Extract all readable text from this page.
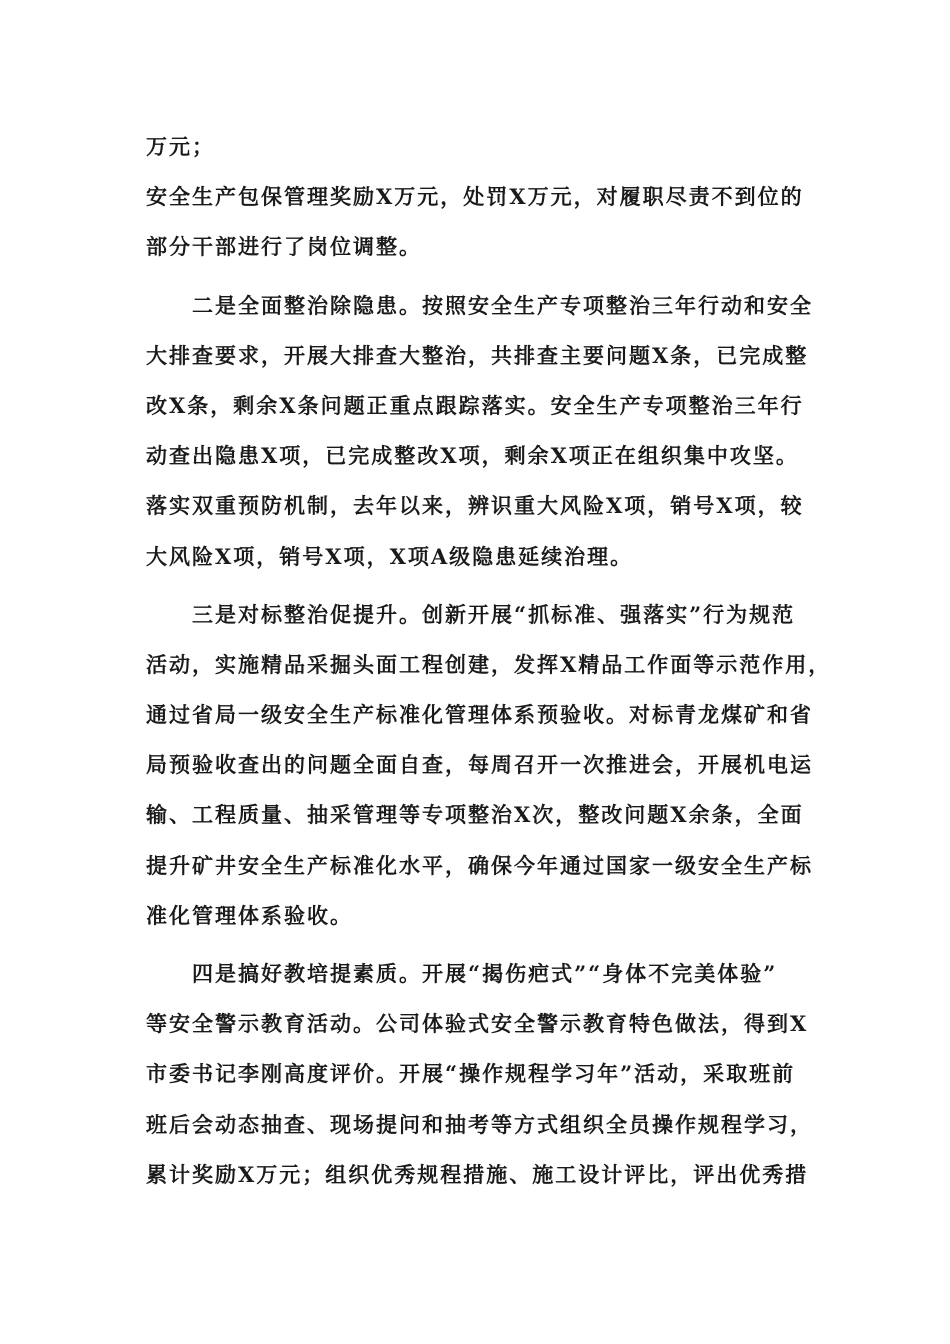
万元；
安全生产包保管理奖励X万元，处罚X万元，对履职尽责不到位的
部分干部进行了岗位调整。
二是全面整治除隐患。按照安全生产专项整治三年行动和安全
大排查要求，开展大排查大整治，共排查主要问题X条，已完成整
改X条，剩余X条问题正重点跟踪落实。安全生产专项整治三年行
动查出隐患X项，已完成整改X项，剩余X项正在组织集中攻坚。
落实双重预防机制，去年以来，辨识重大风险X项，销号X项，较
大风险X项，销号X项，X项A级隐患延续治理。
三是对标整治促提升。创新开展“抓标准、强落实”行为规范
活动，实施精品采掘头面工程创建，发挥X精品工作面等示范作用，
通过省局一级安全生产标准化管理体系预验收。对标青龙煤矿和省
局预验收查出的问题全面自查，每周召开一次推进会，开展机电运
输、工程质量、抽采管理等专项整治X次，整改问题X余条，全面
提升矿井安全生产标准化水平，确保今年通过国家一级安全生产标
准化管理体系验收。
四是搞好教培提素质。开展“揭伤疤式”“身体不完美体验”
等安全警示教育活动。公司体验式安全警示教育特色做法，得到X
市委书记李刚高度评价。开展“操作规程学习年”活动，采取班前
班后会动态抽查、现场提问和抽考等方式组织全员操作规程学习，
累计奖励X万元；组织优秀规程措施、施工设计评比，评出优秀措
